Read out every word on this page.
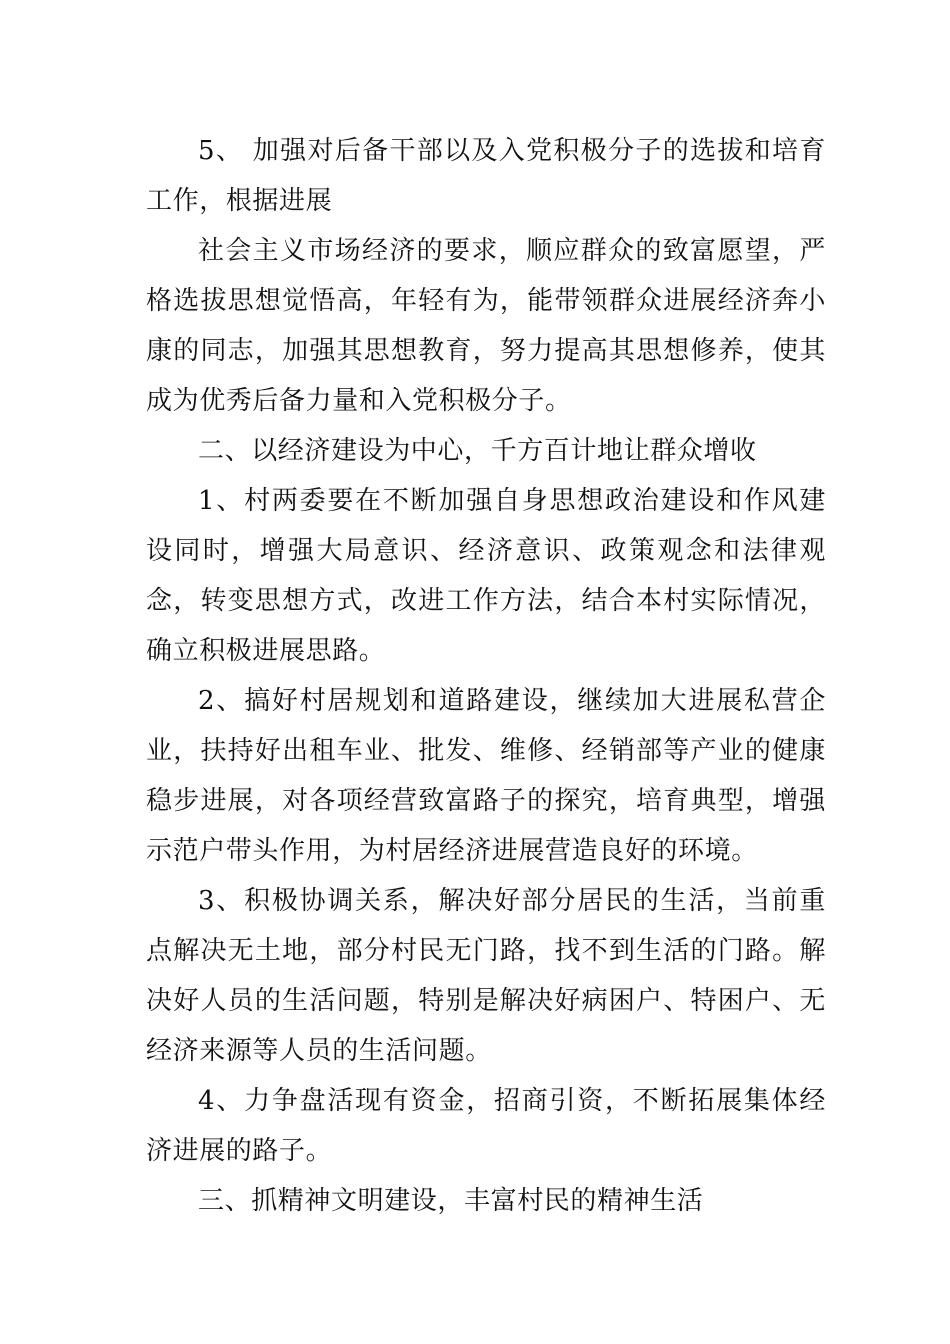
5、 加强对后备干部以及入党积极分子的选拔和培育工作，根据进展

社会主义市场经济的要求，顺应群众的致富愿望，严格选拔思想觉悟高，年轻有为，能带领群众进展经济奔小康的同志，加强其思想教育，努力提高其思想修养，使其成为优秀后备力量和入党积极分子。

二、以经济建设为中心，千方百计地让群众增收

1、村两委要在不断加强自身思想政治建设和作风建设同时，增强大局意识、经济意识、政策观念和法律观念，转变思想方式，改进工作方法，结合本村实际情况，确立积极进展思路。

2、搞好村居规划和道路建设，继续加大进展私营企业，扶持好出租车业、批发、维修、经销部等产业的健康稳步进展，对各项经营致富路子的探究，培育典型，增强示范户带头作用，为村居经济进展营造良好的环境。

3、积极协调关系，解决好部分居民的生活，当前重点解决无土地，部分村民无门路，找不到生活的门路。解决好人员的生活问题，特别是解决好病困户、特困户、无经济来源等人员的生活问题。

4、力争盘活现有资金，招商引资，不断拓展集体经济进展的路子。

三、抓精神文明建设，丰富村民的精神生活
